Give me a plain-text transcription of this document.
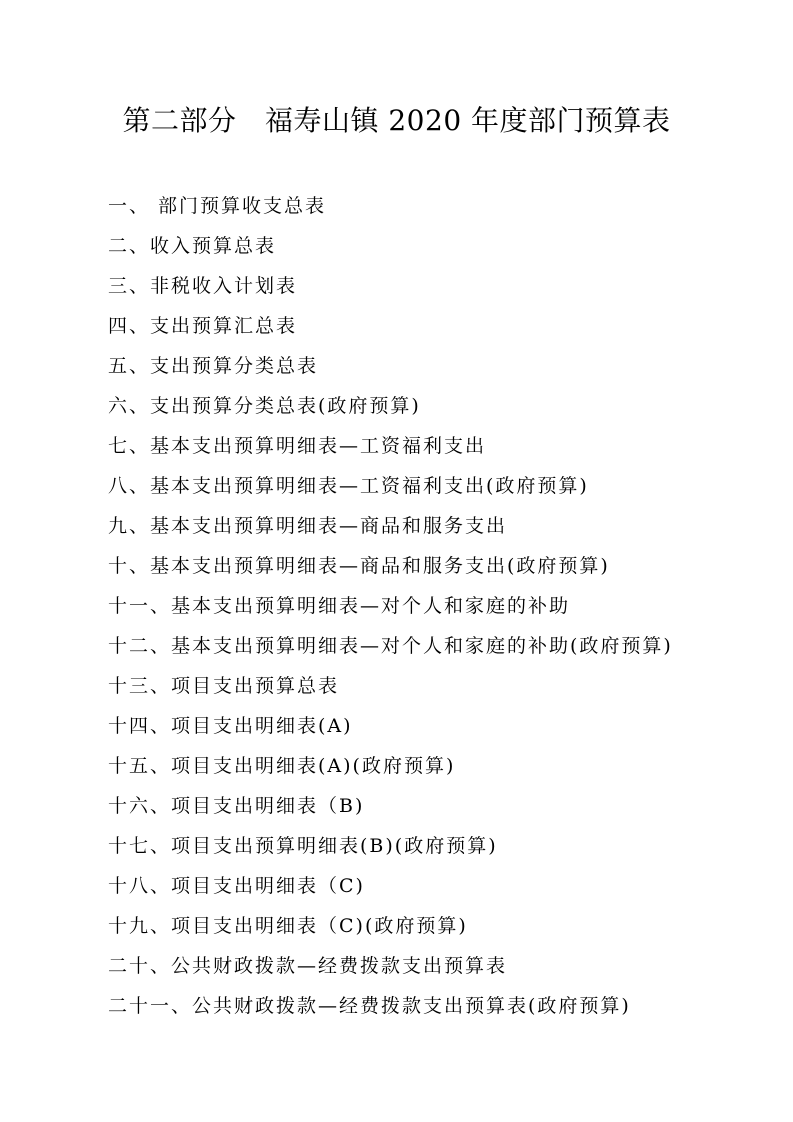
第二部分　福寿山镇 2020 年度部门预算表
一、 部门预算收支总表
二、收入预算总表
三、非税收入计划表
四、支出预算汇总表
五、支出预算分类总表
六、支出预算分类总表(政府预算)
七、基本支出预算明细表—工资福利支出
八、基本支出预算明细表—工资福利支出(政府预算)
九、基本支出预算明细表—商品和服务支出
十、基本支出预算明细表—商品和服务支出(政府预算)
十一、基本支出预算明细表—对个人和家庭的补助
十二、基本支出预算明细表—对个人和家庭的补助(政府预算)
十三、项目支出预算总表
十四、项目支出明细表(A)
十五、项目支出明细表(A)(政府预算)
十六、项目支出明细表（B)
十七、项目支出预算明细表(B)(政府预算)
十八、项目支出明细表（C)
十九、项目支出明细表（C)(政府预算)
二十、公共财政拨款—经费拨款支出预算表
二十一、公共财政拨款—经费拨款支出预算表(政府预算)
